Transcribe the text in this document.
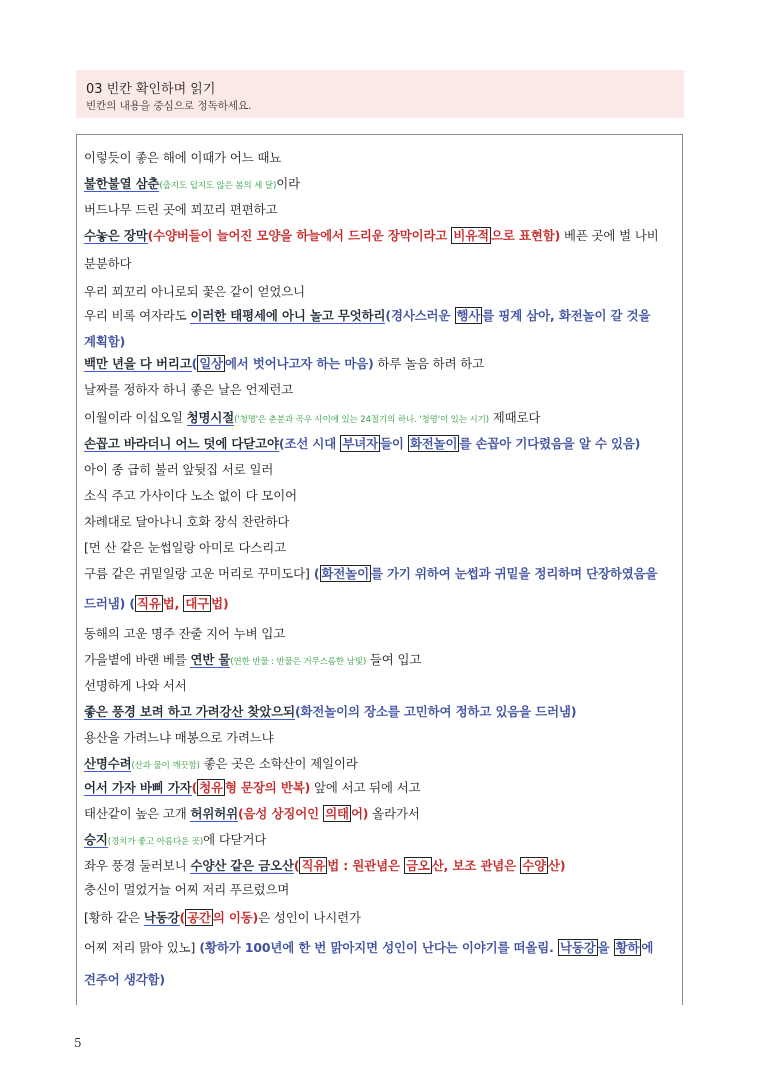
03 빈칸 확인하며 읽기
빈칸의 내용을 중심으로 정독하세요.
이렇듯이 좋은 해에 이때가 어느 때뇨
불한불열 삼춘(춥지도 덥지도 않은 봄의 세 달)이라
버드나무 드린 곳에 꾀꼬리 편편하고
수놓은 장막(수양버들이 늘어진 모양을 하늘에서 드리운 장막이라고 비유적 으로 표현함) 베픈 곳에 벌 나비
분분하다
우리 꾀꼬리 아니로되 꽃은 같이 얻었으니
우리 비록 여자라도 이러한 태평세에 아니 놀고 무엇하리(경사스러운 행사 를 핑계 삼아, 화전놀이 갈 것을
계획함)
백만 년을 다 버리고( 일상 에서 벗어나고자 하는 마음) 하루 놀음 하려 하고
날짜를 정하자 하니 좋은 날은 언제런고
이월이라 이십오일 청명시절('청명'은 춘분과 곡우 사이에 있는 24절기의 하나. '청명'이 있는 시기) 제때로다
손꼽고 바라더니 어느 덧에 다닫고야(조선 시대 부녀자 들이 화전놀이 를 손꼽아 기다렸음을 알 수 있음)
아이 종 급히 불러 앞뒷집 서로 일러
소식 주고 가사이다 노소 없이 다 모이어
차례대로 달아나니 호화 장식 찬란하다
[먼 산 같은 눈썹일랑 아미로 다스리고
구름 같은 귀밑일랑 고운 머리로 꾸미도다] ( 화전놀이 를 가기 위하여 눈썹과 귀밑을 정리하며 단장하였음을
드러냄) ( 직유 법, 대구 법)
동해의 고운 명주 잔줄 지어 누벼 입고
가을볕에 바랜 베를 연반 물(연한 반물 : 반물은 거무스름한 남빛) 들여 입고
선명하게 나와 서서
좋은 풍경 보려 하고 가려강산 찾았으되(화전놀이의 장소를 고민하여 정하고 있음을 드러냄)
용산을 가려느냐 매봉으로 가려느냐
산명수려(산과 물이 깨끗함) 좋은 곳은 소학산이 제일이라
어서 가자 바삐 가자( 청유 형 문장의 반복) 앞에 서고 뒤에 서고
태산같이 높은 고개 허위허위(음성 상징어인 의태 어) 올라가서
승지(경치가 좋고 아름다운 곳)에 다닫거다
좌우 풍경 둘러보니 수양산 같은 금오산( 직유 법 : 원관념은 금오 산, 보조 관념은 수양 산)
충신이 멀었거늘 어찌 저리 푸르렀으며
[황하 같은 낙동강( 공간 의 이동)은 성인이 나시련가
어찌 저리 맑아 있노] (황하가 100년에 한 번 맑아지면 성인이 난다는 이야기를 떠올림. 낙동강 을 황하 에
견주어 생각함)
5
